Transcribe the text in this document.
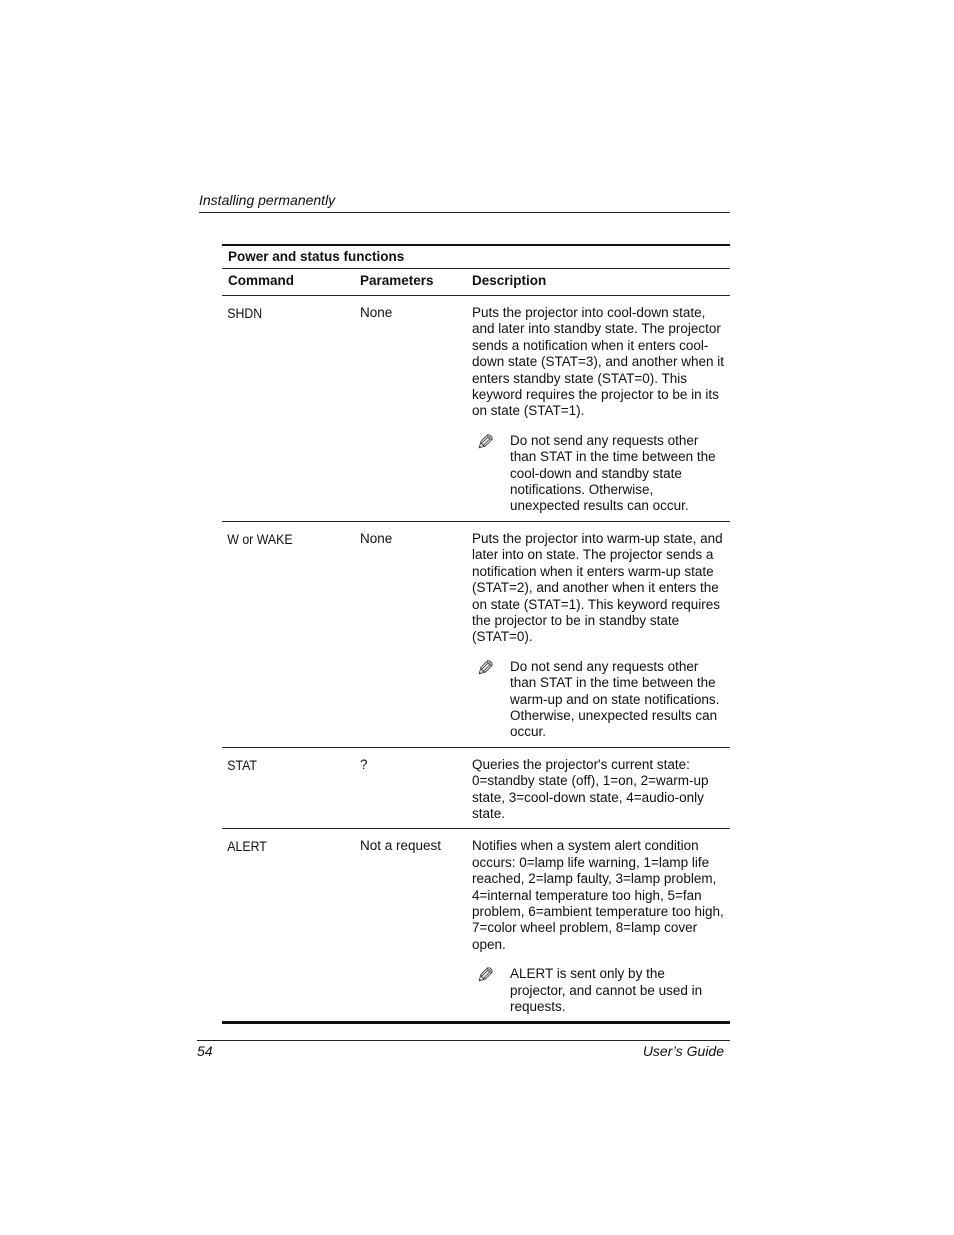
Installing permanently
Power and status functions
Command	Parameters	Description
SHDN	None	Puts the projector into cool-down state, and later into standby state. The projector sends a notification when it enters cool-down state (STAT=3), and another when it enters standby state (STAT=0). This keyword requires the projector to be in its on state (STAT=1).

✎ Do not send any requests other than STAT in the time between the cool-down and standby state notifications. Otherwise, unexpected results can occur.

W or WAKE	None	Puts the projector into warm-up state, and later into on state. The projector sends a notification when it enters warm-up state (STAT=2), and another when it enters the on state (STAT=1). This keyword requires the projector to be in standby state (STAT=0).

✎ Do not send any requests other than STAT in the time between the warm-up and on state notifications. Otherwise, unexpected results can occur.

STAT	?	Queries the projector's current state: 0=standby state (off), 1=on, 2=warm-up state, 3=cool-down state, 4=audio-only state.

ALERT	Not a request	Notifies when a system alert condition occurs: 0=lamp life warning, 1=lamp life reached, 2=lamp faulty, 3=lamp problem, 4=internal temperature too high, 5=fan problem, 6=ambient temperature too high, 7=color wheel problem, 8=lamp cover open.

✎ ALERT is sent only by the projector, and cannot be used in requests.
54	User’s Guide
